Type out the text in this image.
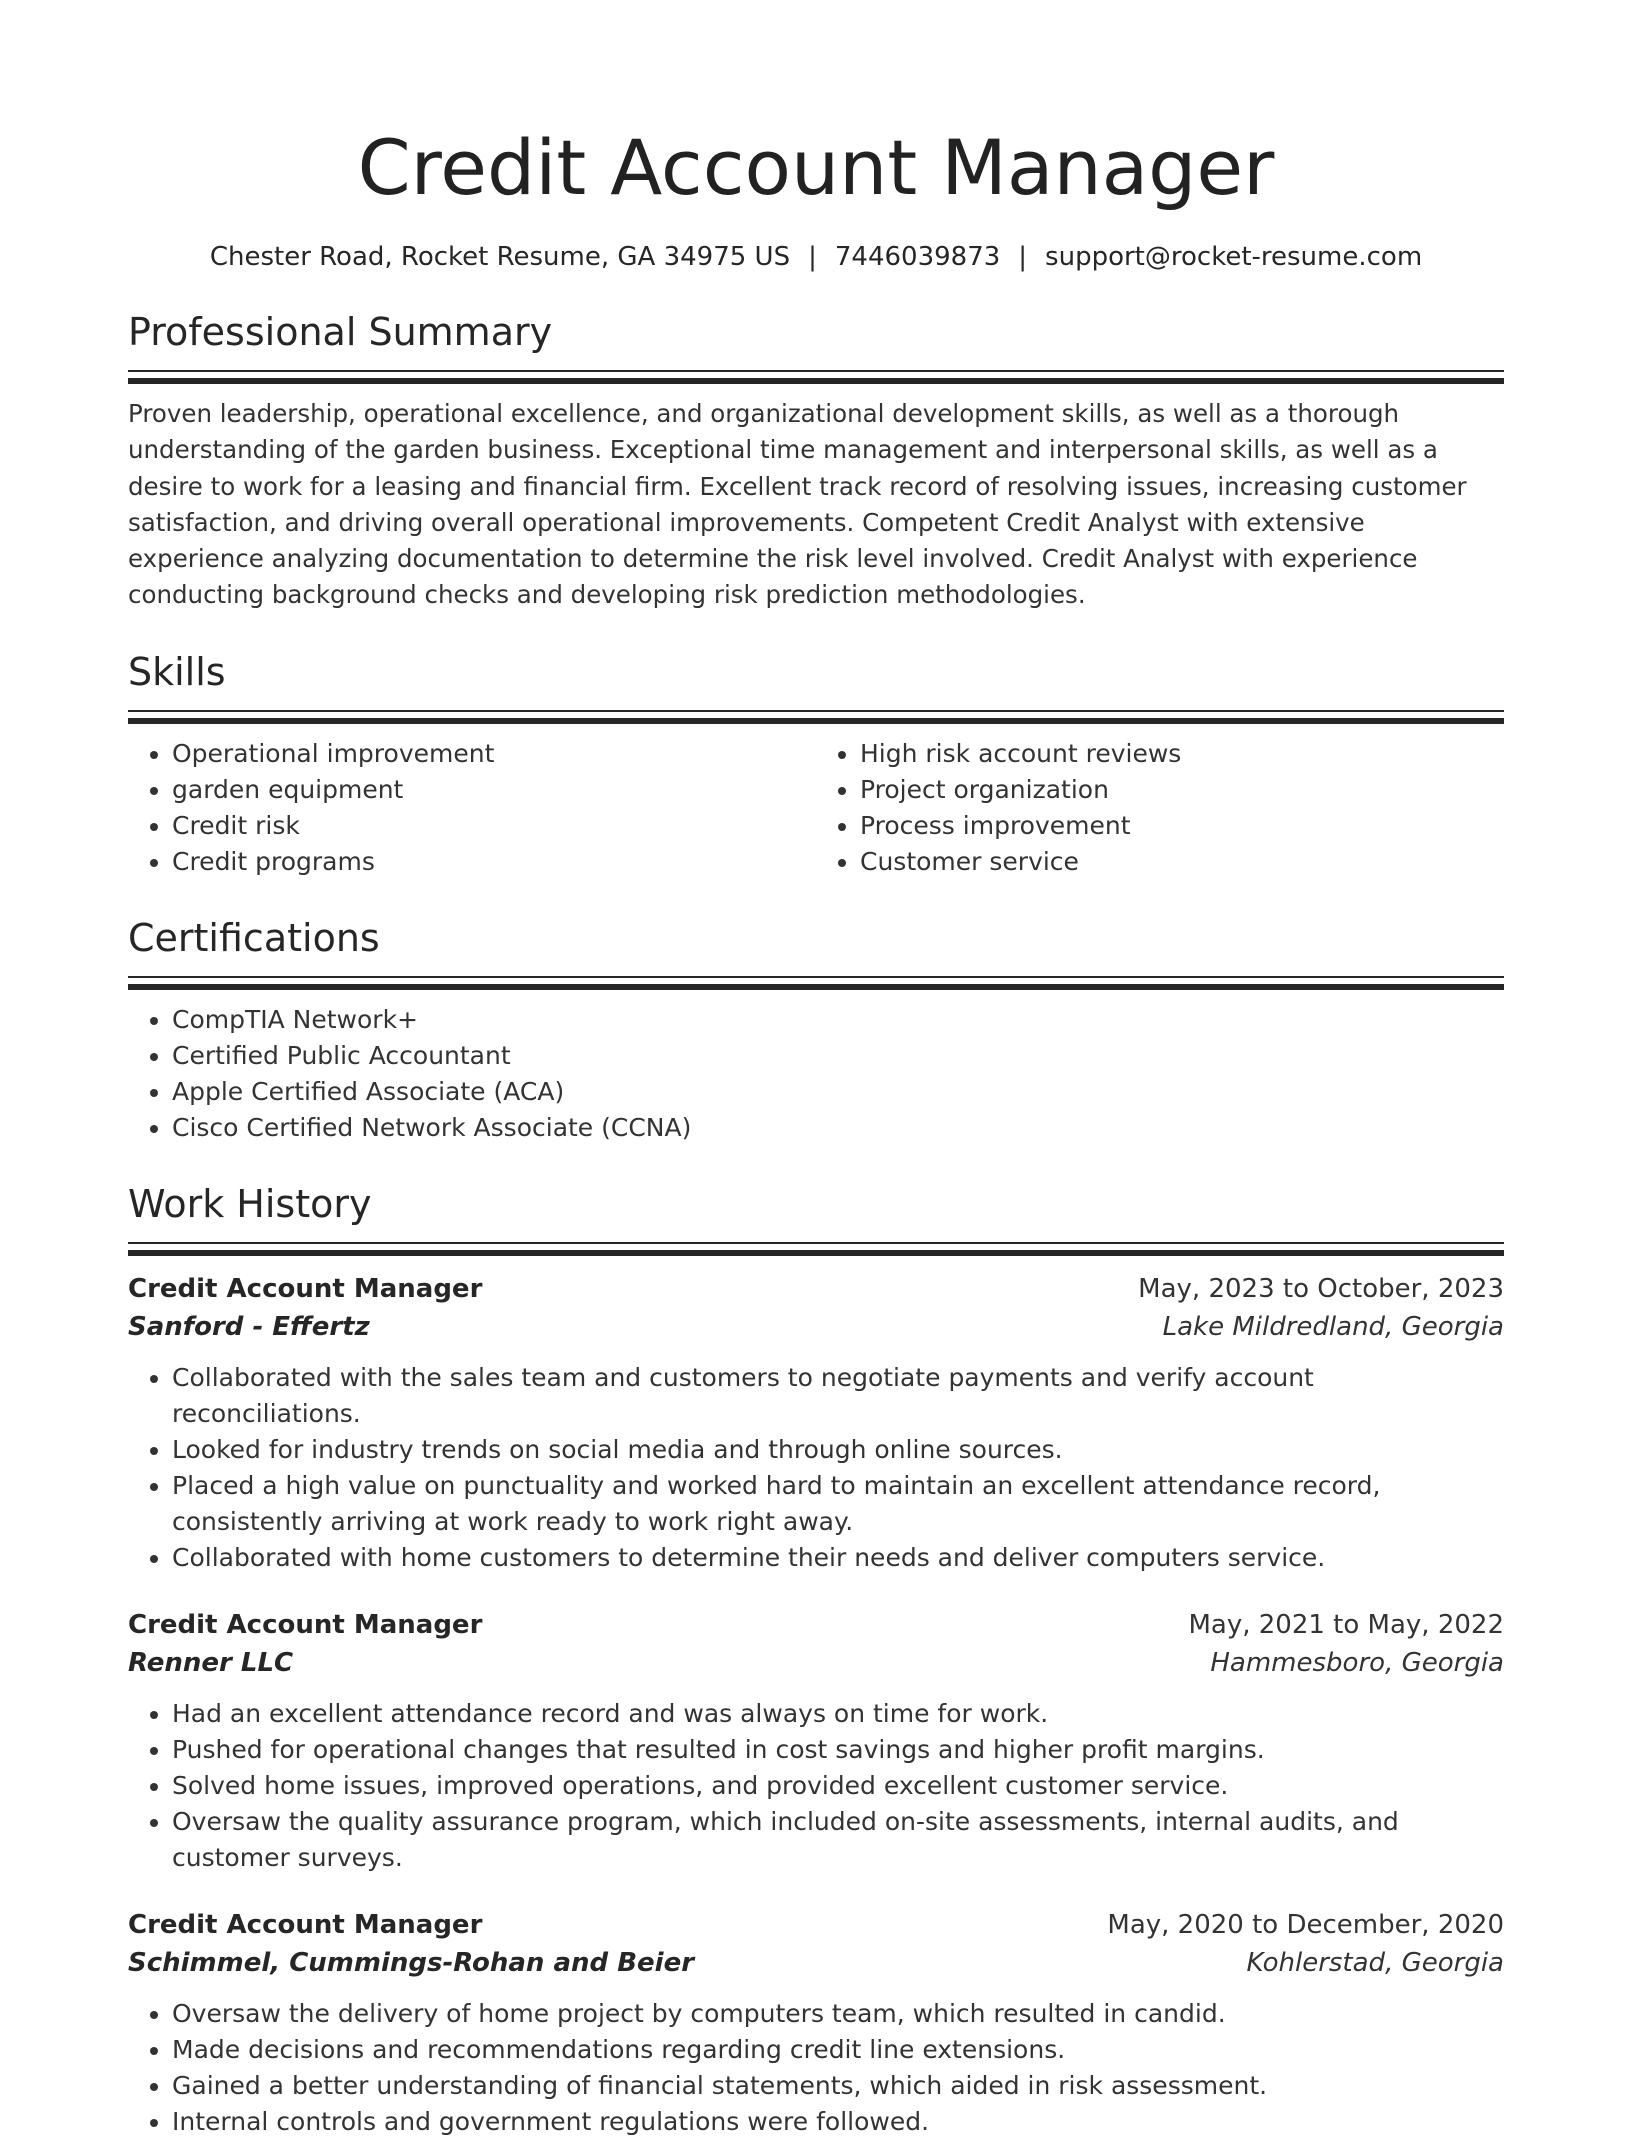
Credit Account Manager
Chester Road, Rocket Resume, GA 34975 US | 7446039873 | support@rocket-resume.com
Professional Summary
Proven leadership, operational excellence, and organizational development skills, as well as a thorough understanding of the garden business. Exceptional time management and interpersonal skills, as well as a desire to work for a leasing and financial firm. Excellent track record of resolving issues, increasing customer satisfaction, and driving overall operational improvements. Competent Credit Analyst with extensive experience analyzing documentation to determine the risk level involved. Credit Analyst with experience conducting background checks and developing risk prediction methodologies.
Skills
• Operational improvement
• garden equipment
• Credit risk
• Credit programs
• High risk account reviews
• Project organization
• Process improvement
• Customer service
Certifications
• CompTIA Network+
• Certified Public Accountant
• Apple Certified Associate (ACA)
• Cisco Certified Network Associate (CCNA)
Work History
Credit Account Manager	May, 2023 to October, 2023
Sanford - Effertz	Lake Mildredland, Georgia
• Collaborated with the sales team and customers to negotiate payments and verify account reconciliations.
• Looked for industry trends on social media and through online sources.
• Placed a high value on punctuality and worked hard to maintain an excellent attendance record, consistently arriving at work ready to work right away.
• Collaborated with home customers to determine their needs and deliver computers service.
Credit Account Manager	May, 2021 to May, 2022
Renner LLC	Hammesboro, Georgia
• Had an excellent attendance record and was always on time for work.
• Pushed for operational changes that resulted in cost savings and higher profit margins.
• Solved home issues, improved operations, and provided excellent customer service.
• Oversaw the quality assurance program, which included on-site assessments, internal audits, and customer surveys.
Credit Account Manager	May, 2020 to December, 2020
Schimmel, Cummings-Rohan and Beier	Kohlerstad, Georgia
• Oversaw the delivery of home project by computers team, which resulted in candid.
• Made decisions and recommendations regarding credit line extensions.
• Gained a better understanding of financial statements, which aided in risk assessment.
• Internal controls and government regulations were followed.
